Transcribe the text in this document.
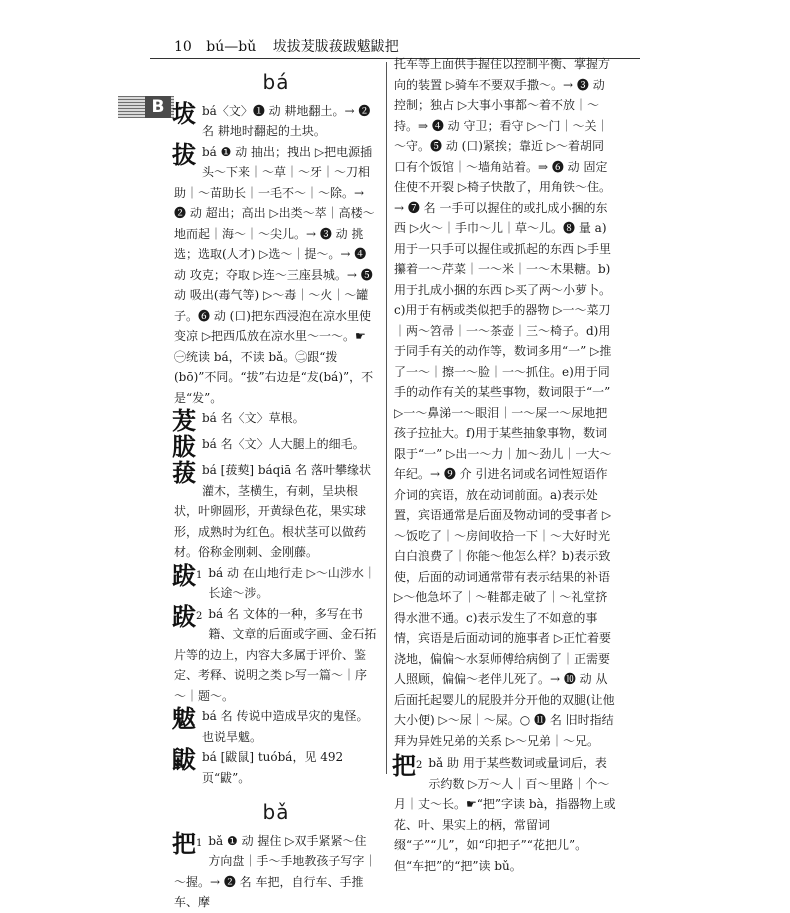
10 bú—bǔ 坺拔茇胈菝跋魃鼥把
B
bá
坺 bá〈文〉❶ 动 耕地翻土。→ ❷ 名 耕地时翻起的土块。
拔 bá ❶ 动 抽出；拽出 ▷把电源插头～下来｜～草｜～牙｜～刀相助｜～苗助长｜一毛不～｜～除。→ ❷ 动 超出；高出 ▷出类～萃｜高楼～地而起｜海～｜～尖儿。→ ❸ 动 挑选；选取(人才) ▷选～｜提～。→ ❹ 动 攻克；夺取 ▷连～三座县城。→ ❺ 动 吸出(毒气等) ▷～毒｜～火｜～罐子。❻ 动 (口)把东西浸泡在凉水里使变凉 ▷把西瓜放在凉水里～一～。☛ ㊀统读 bá，不读 bǎ。㊁跟“拨(bō)”不同。“拔”右边是“犮(bá)”，不是“发”。
茇 bá 名〈文〉草根。
胈 bá 名〈文〉人大腿上的细毛。
菝 bá [菝葜] báqiā 名 落叶攀缘状灌木，茎横生，有刺，呈块根状，叶卵圆形，开黄绿色花，果实球形，成熟时为红色。根状茎可以做药材。俗称金刚刺、金刚藤。
跋$^1$ bá 动 在山地行走 ▷～山涉水｜长途～涉。
跋$^2$ bá 名 文体的一种，多写在书籍、文章的后面或字画、金石拓片等的边上，内容大多属于评价、鉴定、考释、说明之类 ▷写一篇～｜序～｜题～。
魃 bá 名 传说中造成旱灾的鬼怪。也说旱魃。
鼥 bá [鼥鼠] tuóbá，见 492 页“鼥”。
bǎ
把$^1$ bǎ ❶ 动 握住 ▷双手紧紧～住方向盘｜手～手地教孩子写字｜～握。→ ❷ 名 车把，自行车、手推车、摩
托车等上面供手握住以控制平衡、掌握方向的装置 ▷骑车不要双手撒～。→ ❸ 动 控制；独占 ▷大事小事都～着不放｜～持。⇒ ❹ 动 守卫；看守 ▷～门｜～关｜～守。❺ 动 (口)紧挨；靠近 ▷～着胡同口有个饭馆｜～墙角站着。⇒ ❻ 动 固定住使不开裂 ▷椅子快散了，用角铁～住。→ ❼ 名 一手可以握住的或扎成小捆的东西 ▷火～｜手巾～儿｜草～儿。❽ 量 a)用于一只手可以握住或抓起的东西 ▷手里攥着一～芹菜｜一～米｜一～木果糖。b)用于扎成小捆的东西 ▷买了两～小萝卜。c)用于有柄或类似把手的器物 ▷一～菜刀｜两～笤帚｜一～茶壶｜三～椅子。d)用于同手有关的动作等，数词多用“一” ▷推了一～｜擦一～脸｜一～抓住。e)用于同手的动作有关的某些事物，数词限于“一” ▷一～鼻涕一～眼泪｜一～屎一～尿地把孩子拉扯大。f)用于某些抽象事物，数词限于“一” ▷出一～力｜加～劲儿｜一大～年纪。→ ❾ 介 引进名词或名词性短语作介词的宾语，放在动词前面。a)表示处置，宾语通常是后面及物动词的受事者 ▷～饭吃了｜～房间收拾一下｜～大好时光白白浪费了｜你能～他怎么样？b)表示致使，后面的动词通常带有表示结果的补语 ▷～他急坏了｜～鞋都走破了｜～礼堂挤得水泄不通。c)表示发生了不如意的事情，宾语是后面动词的施事者 ▷正忙着要浇地，偏偏～水泵师傅给病倒了｜正需要人照顾，偏偏～老伴儿死了。→ ❿ 动 从后面托起婴儿的屁股并分开他的双腿(让他大小便) ▷～尿｜～屎。○ ⓫ 名 旧时指结拜为异姓兄弟的关系 ▷～兄弟｜～兄。
把$^2$ bǎ 助 用于某些数词或量词后，表示约数 ▷万～人｜百～里路｜个～月｜丈～长。☛“把”字读 bà，指器物上或花、叶、果实上的柄，常留词缀“子”“儿”，如“印把子”“花把儿”。但“车把”的“把”读 bǔ。
